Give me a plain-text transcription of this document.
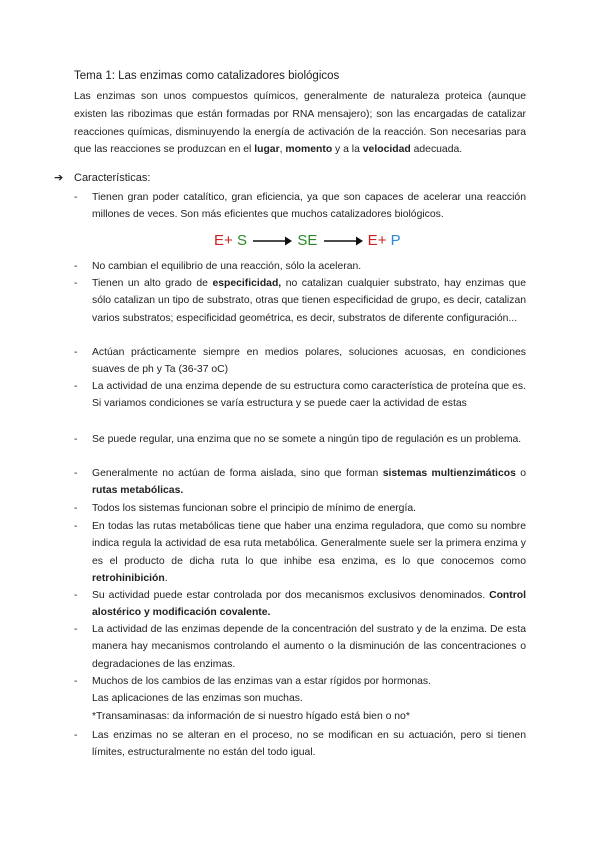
Tema 1: Las enzimas como catalizadores biológicos
Las enzimas son unos compuestos químicos, generalmente de naturaleza proteica (aunque existen las ribozimas que están formadas por RNA mensajero); son las encargadas de catalizar reacciones químicas, disminuyendo la energía de activación de la reacción. Son necesarias para que las reacciones se produzcan en el lugar, momento y a la velocidad adecuada.
➔ Características:
-	Tienen gran poder catalítico, gran eficiencia, ya que son capaces de acelerar una reacción millones de veces. Son más eficientes que muchos catalizadores biológicos.
E+ S	SE	E+ P
-	No cambian el equilibrio de una reacción, sólo la aceleran.
-	Tienen un alto grado de especificidad, no catalizan cualquier substrato, hay enzimas que sólo catalizan un tipo de substrato, otras que tienen especificidad de grupo, es decir, catalizan varios substratos; especificidad geométrica, es decir, substratos de diferente configuración...
-	Actúan prácticamente siempre en medios polares, soluciones acuosas, en condiciones suaves de ph y Ta (36-37 oC)
-	La actividad de una enzima depende de su estructura como característica de proteína que es. Si variamos condiciones se varía estructura y se puede caer la actividad de estas
-	Se puede regular, una enzima que no se somete a ningún tipo de regulación es un problema.
-	Generalmente no actúan de forma aislada, sino que forman sistemas multienzimáticos o rutas metabólicas.
-	Todos los sistemas funcionan sobre el principio de mínimo de energía.
-	En todas las rutas metabólicas tiene que haber una enzima reguladora, que como su nombre indica regula la actividad de esa ruta metabólica. Generalmente suele ser la primera enzima y es el producto de dicha ruta lo que inhibe esa enzima, es lo que conocemos como retrohinibición.
-	Su actividad puede estar controlada por dos mecanismos exclusivos denominados. Control alostérico y modificación covalente.
-	La actividad de las enzimas depende de la concentración del sustrato y de la enzima. De esta manera hay mecanismos controlando el aumento o la disminución de las concentraciones o degradaciones de las enzimas.
-	Muchos de los cambios de las enzimas van a estar rígidos por hormonas.
Las aplicaciones de las enzimas son muchas.
*Transaminasas: da información de si nuestro hígado está bien o no*
-	Las enzimas no se alteran en el proceso, no se modifican en su actuación, pero si tienen límites, estructuralmente no están del todo igual.
